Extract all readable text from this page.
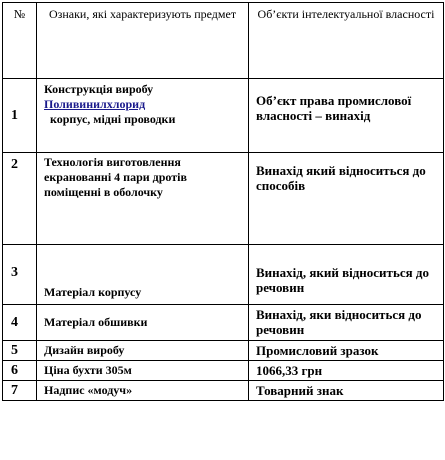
№	Ознаки, які характеризують предмет	Об’єкти інтелектуальної власності
1	Конструкція виробу
Поливинилхлорид
корпус, мідні проводки	Об’єкт права промислової власності – винахід
2	Технологія виготовлення екранованні 4 пари дротів поміщенні в оболочку	Винахід який відноситься до способів
3	Матеріал корпусу	Винахід, який відноситься до речовин
4	Матеріал обшивки	Винахід, яки відноситься до речовин
5	Дизайн виробу	Промисловий зразок
6	Ціна бухти 305м	1066,33 грн
7	Надпис «модуч»	Товарний знак
